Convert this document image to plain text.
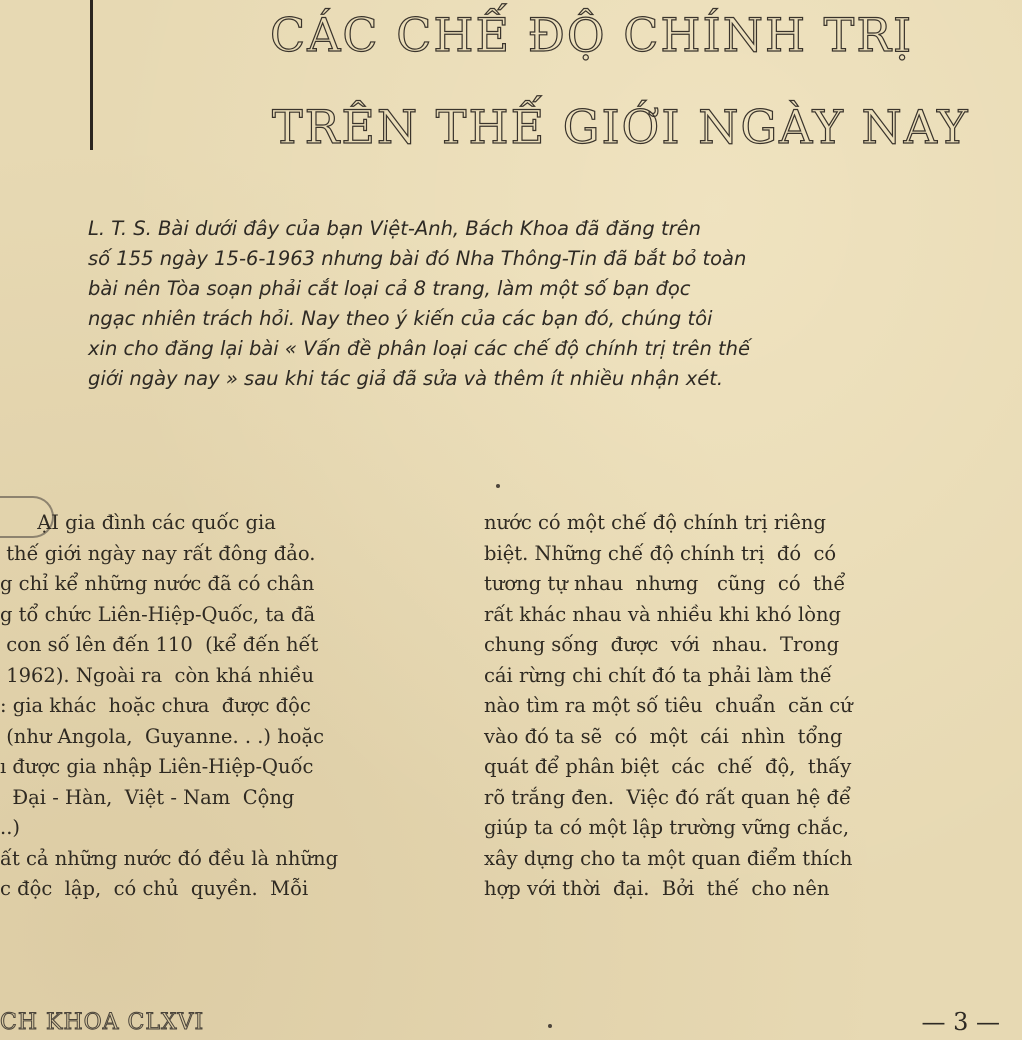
CÁC CHẾ ĐỘ CHÍNH TRỊ
TRÊN THẾ GIỚI NGÀY NAY
L. T. S. Bài dưới đây của bạn Việt-Anh, Bách Khoa đã đăng trên
số 155 ngày 15-6-1963 nhưng bài đó Nha Thông-Tin đã bắt bỏ toàn
bài nên Tòa soạn phải cắt loại cả 8 trang, làm một số bạn đọc
ngạc nhiên trách hỏi. Nay theo ý kiến của các bạn đó, chúng tôi
xin cho đăng lại bài « Vấn đề phân loại các chế độ chính trị trên thế
giới ngày nay » sau khi tác giả đã sửa và thêm ít nhiều nhận xét.

ẠI gia đình các quốc gia

thế giới ngày nay rất đông đảo.

g chỉ kể những nước đã có chân

g tổ chức Liên-Hiệp-Quốc, ta đã

con số lên đến 110  (kể đến hết

1962). Ngoài ra  còn khá nhiều

: gia khác  hoặc chưa  được độc

(như Angola,  Guyanne. . .) hoặc

ı được gia nhập Liên-Hiệp-Quốc

Đại - Hàn,  Việt - Nam  Cộng

..)

ất cả những nước đó đều là những

c độc  lập,  có chủ  quyền.  Mỗi

nước có một chế độ chính trị riêng

biệt. Những chế độ chính trị  đó  có

tương tự nhau  nhưng   cũng  có  thể

rất khác nhau và nhiều khi khó lòng

chung sống  được  với  nhau.  Trong

cái rừng chi chít đó ta phải làm thế

nào tìm ra một số tiêu  chuẩn  căn cứ

vào đó ta sẽ  có  một  cái  nhìn  tổng

quát để phân biệt  các  chế  độ,  thấy

rõ trắng đen.  Việc đó rất quan hệ để

giúp ta có một lập trường vững chắc,

xây dựng cho ta một quan điểm thích

hợp với thời  đại.  Bởi  thế  cho nên

CH KHOA CLXVI	— 3 —
